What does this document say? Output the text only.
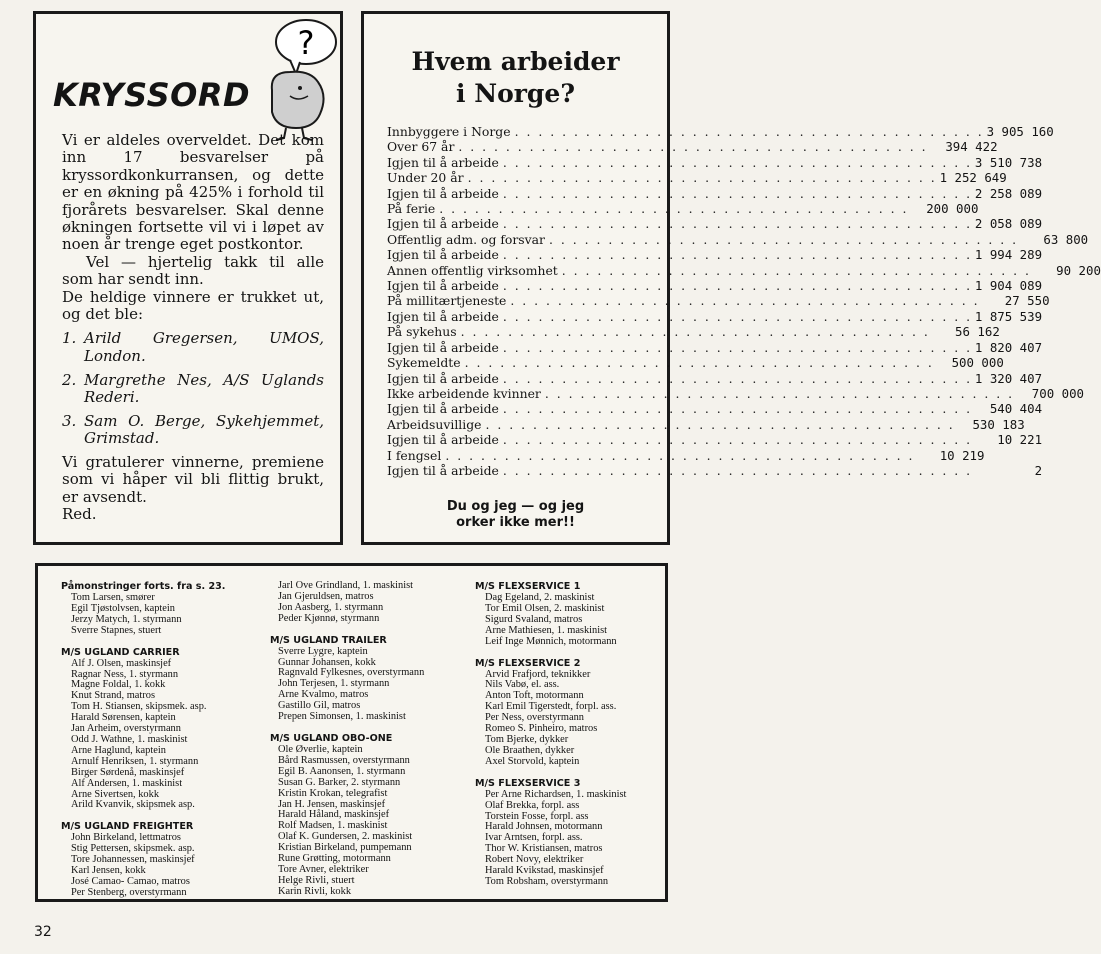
KRYSSORD
?

Vi er aldeles overveldet. Det kom inn 17 besvarelser på kryssordkonkurransen, og dette er en økning på 425% i forhold til fjorårets besvarelser. Skal denne økningen fortsette vil vi i løpet av noen år trenge eget postkontor.

Vel — hjertelig takk til alle som har sendt inn.

De heldige vinnere er trukket ut, og det ble:

1. Arild Gregersen, UMOS, London.
2. Margrethe Nes, A/S Uglands Rederi.
3. Sam O. Berge, Sykehjemmet, Grimstad.

Vi gratulerer vinnerne, premiene som vi håper vil bli flittig brukt, er avsendt.

Red.

Hvem arbeider
i Norge?
Innbyggere i Norge . . . . . . . . . . . . . . . . . . . . . . . . . . . . . . . . . . . . . . . . 3 905 160
Over 67 år . . . . . . . . . . . . . . . . . . . . . . . . . . . . . . . . . . . . . . . .	394 422
Igjen til å arbeide . . . . . . . . . . . . . . . . . . . . . . . . . . . . . . . . . . . . . . . . 3 510 738
Under 20 år . . . . . . . . . . . . . . . . . . . . . . . . . . . . . . . . . . . . . . . . 1 252 649
Igjen til å arbeide . . . . . . . . . . . . . . . . . . . . . . . . . . . . . . . . . . . . . . . . 2 258 089
På ferie . . . . . . . . . . . . . . . . . . . . . . . . . . . . . . . . . . . . . . . .	200 000
Igjen til å arbeide . . . . . . . . . . . . . . . . . . . . . . . . . . . . . . . . . . . . . . . . 2 058 089
Offentlig adm. og forsvar . . . . . . . . . . . . . . . . . . . . . . . . . . . . . . . . . . . . . . . .	63 800
Igjen til å arbeide . . . . . . . . . . . . . . . . . . . . . . . . . . . . . . . . . . . . . . . . 1 994 289
Annen offentlig virksomhet . . . . . . . . . . . . . . . . . . . . . . . . . . . . . . . . . . . . . . . .	90 200
Igjen til å arbeide . . . . . . . . . . . . . . . . . . . . . . . . . . . . . . . . . . . . . . . . 1 904 089
På millitærtjeneste . . . . . . . . . . . . . . . . . . . . . . . . . . . . . . . . . . . . . . . .	27 550
Igjen til å arbeide . . . . . . . . . . . . . . . . . . . . . . . . . . . . . . . . . . . . . . . . 1 875 539
På sykehus . . . . . . . . . . . . . . . . . . . . . . . . . . . . . . . . . . . . . . . .	56 162
Igjen til å arbeide . . . . . . . . . . . . . . . . . . . . . . . . . . . . . . . . . . . . . . . . 1 820 407
Sykemeldte . . . . . . . . . . . . . . . . . . . . . . . . . . . . . . . . . . . . . . . .	500 000
Igjen til å arbeide . . . . . . . . . . . . . . . . . . . . . . . . . . . . . . . . . . . . . . . . 1 320 407
Ikke arbeidende kvinner . . . . . . . . . . . . . . . . . . . . . . . . . . . . . . . . . . . . . . . .	700 000
Igjen til å arbeide . . . . . . . . . . . . . . . . . . . . . . . . . . . . . . . . . . . . . . . .	540 404
Arbeidsuvillige . . . . . . . . . . . . . . . . . . . . . . . . . . . . . . . . . . . . . . . .	530 183
Igjen til å arbeide . . . . . . . . . . . . . . . . . . . . . . . . . . . . . . . . . . . . . . . .	10 221
I fengsel . . . . . . . . . . . . . . . . . . . . . . . . . . . . . . . . . . . . . . . .	10 219
Igjen til å arbeide . . . . . . . . . . . . . . . . . . . . . . . . . . . . . . . . . . . . . . . .	2
Du og jeg — og jeg
orker ikke mer!!
Påmonstringer forts. fra s. 23.
Tom Larsen, smører
Egil Tjøstolvsen, kaptein
Jerzy Matych, 1. styrmann
Sverre Stapnes, stuert
M/S UGLAND CARRIER
Alf J. Olsen, maskinsjef
Ragnar Ness, 1. styrmann
Magne Foldal, 1. kokk
Knut Strand, matros
Tom H. Stiansen, skipsmek. asp.
Harald Sørensen, kaptein
Jan Arheim, overstyrmann
Odd J. Wathne, 1. maskinist
Arne Haglund, kaptein
Arnulf Henriksen, 1. styrmann
Birger Sørdenå, maskinsjef
Alf Andersen, 1. maskinist
Arne Sivertsen, kokk
Arild Kvanvik, skipsmek asp.
M/S UGLAND FREIGHTER
John Birkeland, lettmatros
Stig Pettersen, skipsmek. asp.
Tore Johannessen, maskinsjef
Karl Jensen, kokk
José Camao- Camao, matros
Per Stenberg, overstyrmann
Jarl Ove Grindland, 1. maskinist
Jan Gjeruldsen, matros
Jon Aasberg, 1. styrmann
Peder Kjønnø, styrmann
M/S UGLAND TRAILER
Sverre Lygre, kaptein
Gunnar Johansen, kokk
Ragnvald Fylkesnes, overstyrmann
John Terjesen, 1. styrmann
Arne Kvalmo, matros
Gastillo Gil, matros
Prepen Simonsen, 1. maskinist
M/S UGLAND OBO-ONE
Ole Øverlie, kaptein
Bård Rasmussen, overstyrmann
Egil B. Aanonsen, 1. styrmann
Susan G. Barker, 2. styrmann
Kristin Krokan, telegrafist
Jan H. Jensen, maskinsjef
Harald Håland, maskinsjef
Rolf Madsen, 1. maskinist
Olaf K. Gundersen, 2. maskinist
Kristian Birkeland, pumpemann
Rune Grøtting, motormann
Tore Avner, elektriker
Helge Rivli, stuert
Karin Rivli, kokk
M/S FLEXSERVICE 1
Dag Egeland, 2. maskinist
Tor Emil Olsen, 2. maskinist
Sigurd Svaland, matros
Arne Mathiesen, 1. maskinist
Leif Inge Mønnich, motormann
M/S FLEXSERVICE 2
Arvid Frafjord, teknikker
Nils Vabø, el. ass.
Anton Toft, motormann
Karl Emil Tigerstedt, forpl. ass.
Per Ness, overstyrmann
Romeo S. Pinheiro, matros
Tom Bjerke, dykker
Ole Braathen, dykker
Axel Storvold, kaptein
M/S FLEXSERVICE 3
Per Arne Richardsen, 1. maskinist
Olaf Brekka, forpl. ass
Torstein Fosse, forpl. ass
Harald Johnsen, motormann
Ivar Arntsen, forpl. ass.
Thor W. Kristiansen, matros
Robert Novy, elektriker
Harald Kvikstad, maskinsjef
Tom Robsham, overstyrmann
32
